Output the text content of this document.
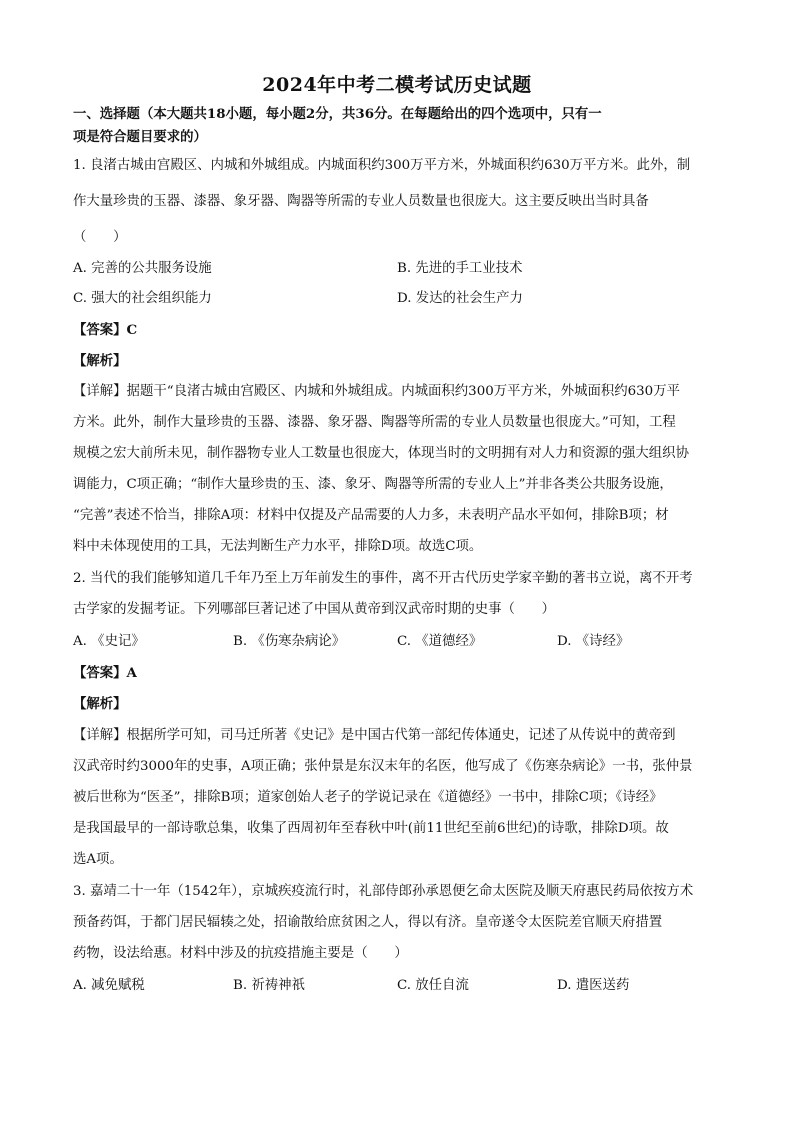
2024年中考二模考试历史试题
一、选择题（本大题共18小题，每小题2分，共36分。在每题给出的四个选项中，只有一
项是符合题目要求的）
1. 良渚古城由宫殿区、内城和外城组成。内城面积约300万平方米，外城面积约630万平方米。此外，制
作大量珍贵的玉器、漆器、象牙器、陶器等所需的专业人员数量也很庞大。这主要反映出当时具备
（　　）
A. 完善的公共服务设施	B. 先进的手工业技术
C. 强大的社会组织能力	D. 发达的社会生产力
【答案】C
【解析】
【详解】据题干“良渚古城由宫殿区、内城和外城组成。内城面积约300万平方米，外城面积约630万平
方米。此外，制作大量珍贵的玉器、漆器、象牙器、陶器等所需的专业人员数量也很庞大。”可知，工程
规模之宏大前所未见，制作器物专业人工数量也很庞大，体现当时的文明拥有对人力和资源的强大组织协
调能力，C项正确；“制作大量珍贵的玉、漆、象牙、陶器等所需的专业人上”并非各类公共服务设施，
“完善”表述不恰当，排除A项：材料中仅提及产品需要的人力多，未表明产品水平如何，排除B项；材
料中未体现使用的工具，无法判断生产力水平，排除D项。故选C项。
2. 当代的我们能够知道几千年乃至上万年前发生的事件，离不开古代历史学家辛勤的著书立说，离不开考
古学家的发掘考证。下列哪部巨著记述了中国从黄帝到汉武帝时期的史事（　　）
A. 《史记》	B. 《伤寒杂病论》	C. 《道德经》	D. 《诗经》
【答案】A
【解析】
【详解】根据所学可知，司马迁所著《史记》是中国古代第一部纪传体通史，记述了从传说中的黄帝到
汉武帝时约3000年的史事，A项正确；张仲景是东汉末年的名医，他写成了《伤寒杂病论》一书，张仲景
被后世称为“医圣”，排除B项；道家创始人老子的学说记录在《道德经》一书中，排除C项；《诗经》
是我国最早的一部诗歌总集，收集了西周初年至春秋中叶(前11世纪至前6世纪)的诗歌，排除D项。故
选A项。
3. 嘉靖二十一年（1542年），京城疾疫流行时，礼部侍郎孙承恩便乞命太医院及顺天府惠民药局依按方术
预备药饵，于都门居民辐辏之处，招谕散给庶贫困之人，得以有济。皇帝遂令太医院差官顺天府措置
药物，设法给惠。材料中涉及的抗疫措施主要是（　　）
A. 减免赋税	B. 祈祷神祇	C. 放任自流	D. 遣医送药
